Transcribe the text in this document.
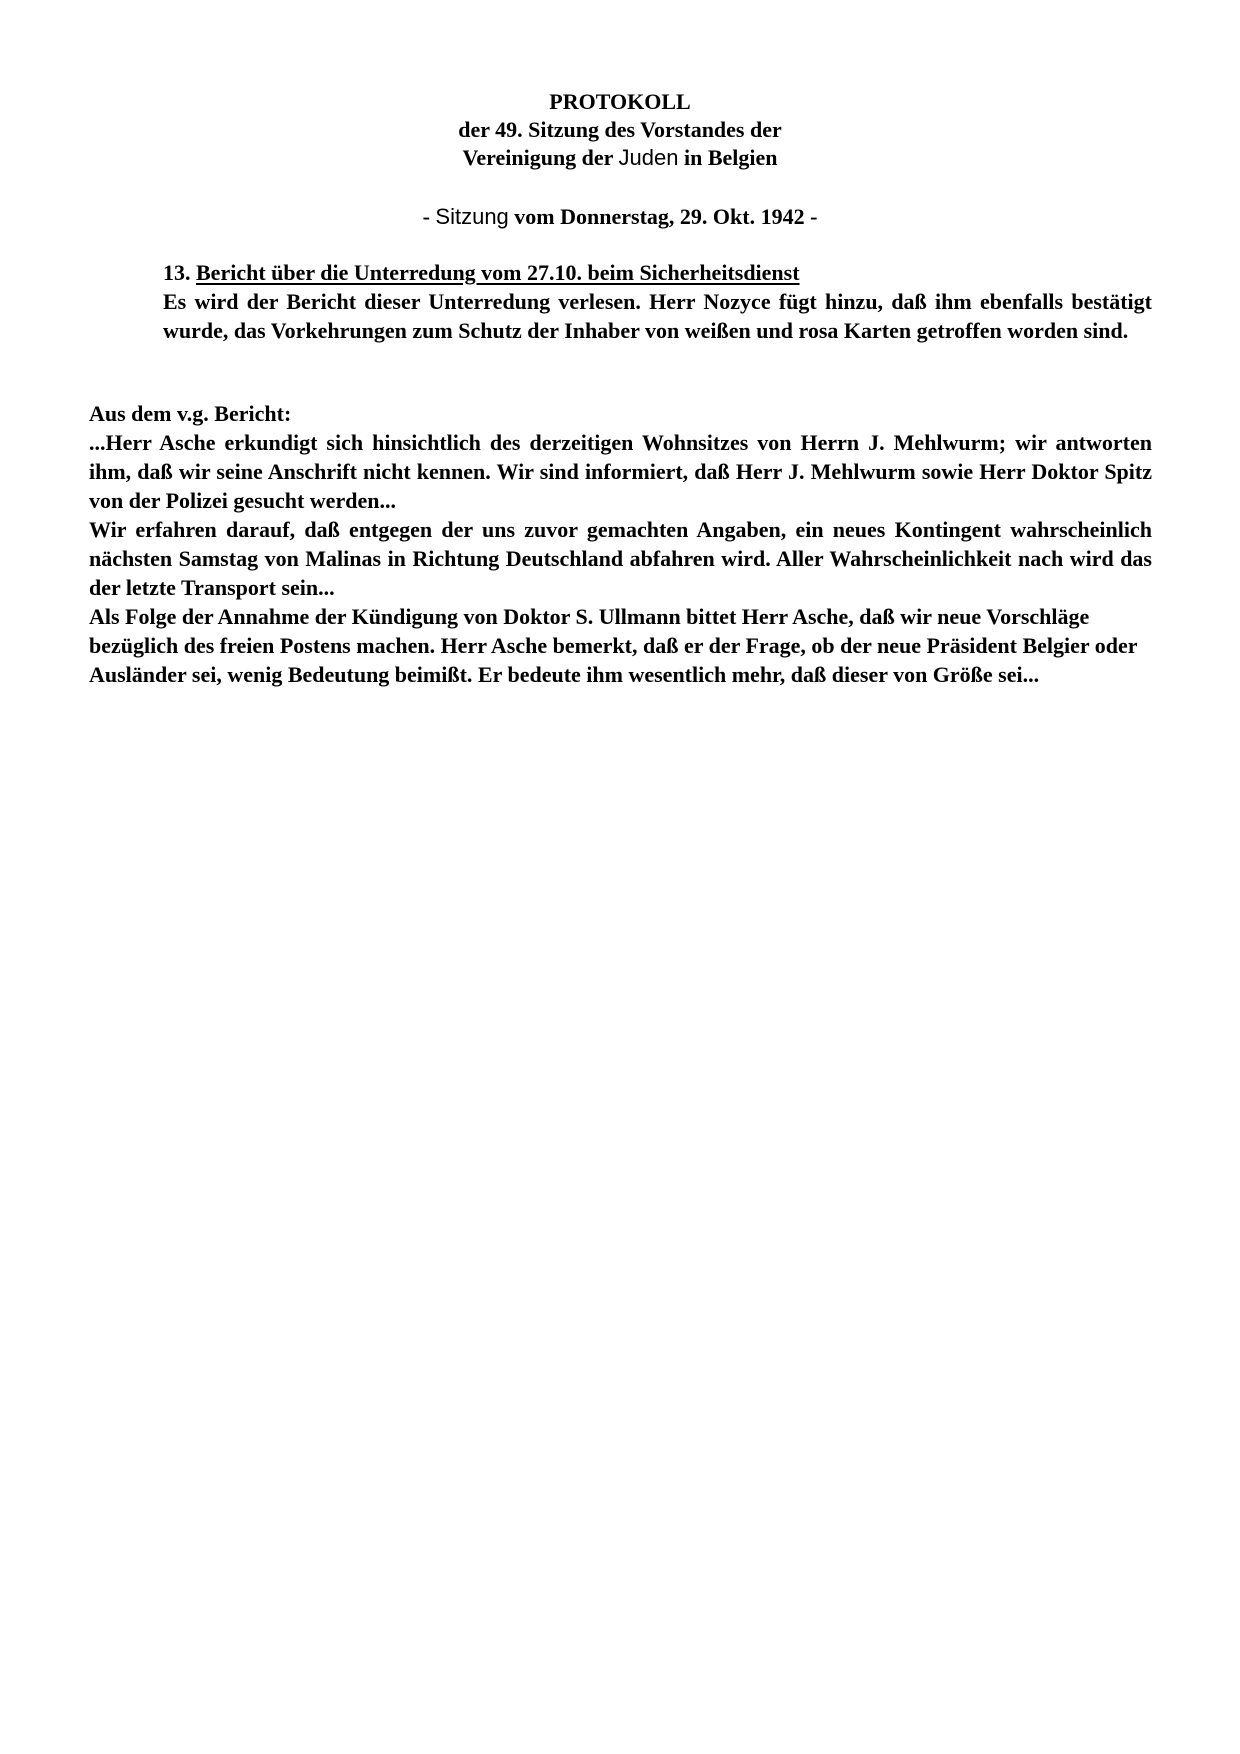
PROTOKOLL
der 49. Sitzung des Vorstandes der
Vereinigung der Juden in Belgien
- Sitzung vom Donnerstag, 29. Okt. 1942 -
13. Bericht über die Unterredung vom 27.10. beim Sicherheitsdienst
Es wird der Bericht dieser Unterredung verlesen. Herr Nozyce fügt hinzu, daß ihm ebenfalls bestätigt wurde, das Vorkehrungen zum Schutz der Inhaber von weißen und rosa Karten getroffen worden sind.
Aus dem v.g. Bericht:

...Herr Asche erkundigt sich hinsichtlich des derzeitigen Wohnsitzes von Herrn J. Mehlwurm; wir antworten ihm, daß wir seine Anschrift nicht kennen. Wir sind informiert, daß Herr J. Mehlwurm sowie Herr Doktor Spitz von der Polizei gesucht werden...

Wir erfahren darauf, daß entgegen der uns zuvor gemachten Angaben, ein neues Kontingent wahrscheinlich nächsten Samstag von Malinas in Richtung Deutschland abfahren wird. Aller Wahrscheinlichkeit nach wird das der letzte Transport sein...

Als Folge der Annahme der Kündigung von Doktor S. Ullmann bittet Herr Asche, daß wir neue Vorschläge bezüglich des freien Postens machen. Herr Asche bemerkt, daß er der Frage, ob der neue Präsident Belgier oder Ausländer sei, wenig Bedeutung beimißt. Er bedeute ihm wesentlich mehr, daß dieser von Größe sei...
